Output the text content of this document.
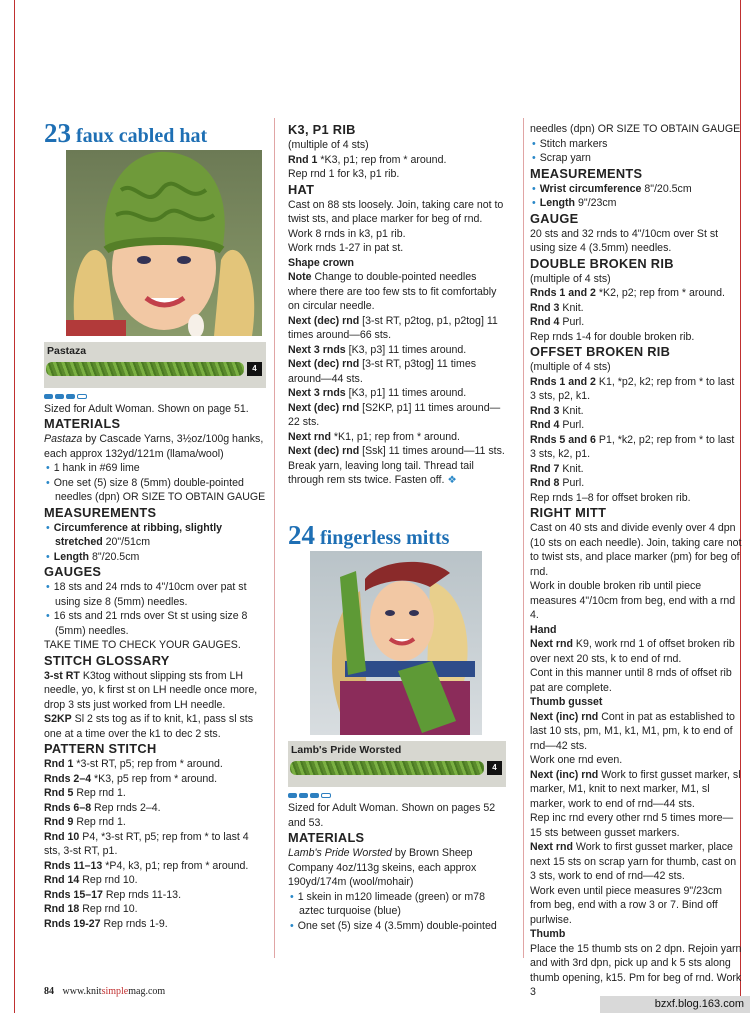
23 faux cabled hat
Pastaza
4

Sized for Adult Woman. Shown on page 51.

MATERIALS

Pastaza by Cascade Yarns, 3½oz/100g hanks, each approx 132yd/121m (llama/wool)

• 1 hank in #69 lime

• One set (5) size 8 (5mm) double-pointed needles (dpn) OR SIZE TO OBTAIN GAUGE

MEASUREMENTS

• Circumference at ribbing, slightly stretched 20"/51cm

• Length 8"/20.5cm

GAUGES

• 18 sts and 24 rnds to 4"/10cm over pat st using size 8 (5mm) needles.

• 16 sts and 21 rnds over St st using size 8 (5mm) needles.

TAKE TIME TO CHECK YOUR GAUGES.

STITCH GLOSSARY

3-st RT K3tog without slipping sts from LH needle, yo, k first st on LH needle once more, drop 3 sts just worked from LH needle.

S2KP Sl 2 sts tog as if to knit, k1, pass sl sts one at a time over the k1 to dec 2 sts.

PATTERN STITCH

Rnd 1 *3-st RT, p5; rep from * around.

Rnds 2–4 *K3, p5 rep from * around.

Rnd 5 Rep rnd 1.

Rnds 6–8 Rep rnds 2–4.

Rnd 9 Rep rnd 1.

Rnd 10 P4, *3-st RT, p5; rep from * to last 4 sts, 3-st RT, p1.

Rnds 11–13 *P4, k3, p1; rep from * around.

Rnd 14 Rep rnd 10.

Rnds 15–17 Rep rnds 11-13.

Rnd 18 Rep rnd 10.

Rnds 19-27 Rep rnds 1-9.

K3, P1 RIB

(multiple of 4 sts)

Rnd 1 *K3, p1; rep from * around.

Rep rnd 1 for k3, p1 rib.

HAT

Cast on 88 sts loosely. Join, taking care not to twist sts, and place marker for beg of rnd.

Work 8 rnds in k3, p1 rib.

Work rnds 1-27 in pat st.

Shape crown

Note Change to double-pointed needles where there are too few sts to fit comfortably on circular needle.

Next (dec) rnd [3-st RT, p2tog, p1, p2tog] 11 times around—66 sts.

Next 3 rnds [K3, p3] 11 times around.

Next (dec) rnd [3-st RT, p3tog] 11 times around—44 sts.

Next 3 rnds [K3, p1] 11 times around.

Next (dec) rnd [S2KP, p1] 11 times around—22 sts.

Next rnd *K1, p1; rep from * around.

Next (dec) rnd [Ssk] 11 times around—11 sts.

Break yarn, leaving long tail. Thread tail through rem sts twice. Fasten off. ❖

24 fingerless mitts
Lamb's Pride Worsted
4

Sized for Adult Woman. Shown on pages 52 and 53.

MATERIALS

Lamb's Pride Worsted by Brown Sheep Company 4oz/113g skeins, each approx 190yd/174m (wool/mohair)

• 1 skein in m120 limeade (green) or m78 aztec turquoise (blue)

• One set (5) size 4 (3.5mm) double-pointed

needles (dpn) OR SIZE TO OBTAIN GAUGE

• Stitch markers

• Scrap yarn

MEASUREMENTS

• Wrist circumference 8"/20.5cm

• Length 9"/23cm

GAUGE

20 sts and 32 rnds to 4"/10cm over St st using size 4 (3.5mm) needles.

DOUBLE BROKEN RIB

(multiple of 4 sts)

Rnds 1 and 2 *K2, p2; rep from * around.

Rnd 3 Knit.

Rnd 4 Purl.

Rep rnds 1-4 for double broken rib.

OFFSET BROKEN RIB

(multiple of 4 sts)

Rnds 1 and 2 K1, *p2, k2; rep from * to last 3 sts, p2, k1.

Rnd 3 Knit.

Rnd 4 Purl.

Rnds 5 and 6 P1, *k2, p2; rep from * to last 3 sts, k2, p1.

Rnd 7 Knit.

Rnd 8 Purl.

Rep rnds 1–8 for offset broken rib.

RIGHT MITT

Cast on 40 sts and divide evenly over 4 dpn (10 sts on each needle). Join, taking care not to twist sts, and place marker (pm) for beg of rnd.

Work in double broken rib until piece measures 4"/10cm from beg, end with a rnd 4.

Hand

Next rnd K9, work rnd 1 of offset broken rib over next 20 sts, k to end of rnd.

Cont in this manner until 8 rnds of offset rib pat are complete.

Thumb gusset

Next (inc) rnd Cont in pat as established to last 10 sts, pm, M1, k1, M1, pm, k to end of rnd—42 sts.

Work one rnd even.

Next (inc) rnd Work to first gusset marker, sl marker, M1, knit to next marker, M1, sl marker, work to end of rnd—44 sts.

Rep inc rnd every other rnd 5 times more—15 sts between gusset markers.

Next rnd Work to first gusset marker, place next 15 sts on scrap yarn for thumb, cast on 3 sts, work to end of rnd—42 sts.

Work even until piece measures 9"/23cm from beg, end with a row 3 or 7. Bind off purlwise.

Thumb

Place the 15 thumb sts on 2 dpn. Rejoin yarn and with 3rd dpn, pick up and k 5 sts along thumb opening, k15. Pm for beg of rnd. Work 3

84 www.knitsimplemag.com
bzxf.blog.163.com
